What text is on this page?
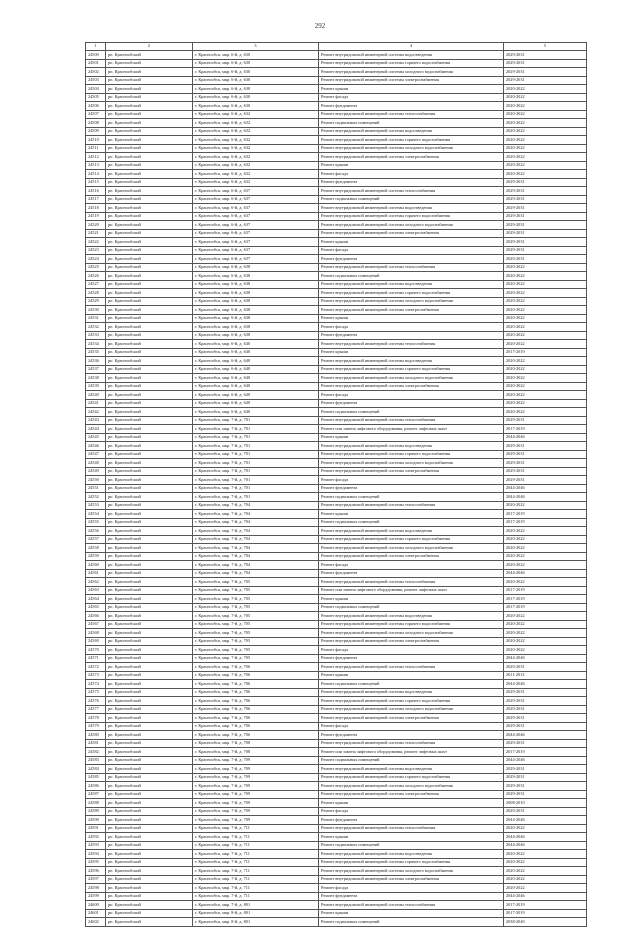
292
1	2	3	4	5
24500	рп. Краснообский	г. Краснообск, мкр. 6-й, д. 630	Ремонт внутридомовой инженерной системы водоотведения	2029-2031
24501	рп. Краснообский	г. Краснообск, мкр. 6-й, д. 630	Ремонт внутридомовой инженерной системы горячего водоснабжения	2029-2031
24502	рп. Краснообский	г. Краснообск, мкр. 6-й, д. 630	Ремонт внутридомовой инженерной системы холодного водоснабжения	2029-2031
24503	рп. Краснообский	г. Краснообск, мкр. 6-й, д. 630	Ремонт внутридомовой инженерной системы электроснабжения	2029-2031
24504	рп. Краснообский	г. Краснообск, мкр. 6-й, д. 630	Ремонт крыши	2020-2022
24505	рп. Краснообский	г. Краснообск, мкр. 6-й, д. 630	Ремонт фасада	2020-2022
24506	рп. Краснообский	г. Краснообск, мкр. 6-й, д. 630	Ремонт фундамента	2020-2022
24507	рп. Краснообский	г. Краснообск, мкр. 6-й, д. 632	Ремонт внутридомовой инженерной системы теплоснабжения	2020-2022
24508	рп. Краснообский	г. Краснообск, мкр. 6-й, д. 632	Ремонт подвальных помещений	2020-2022
24509	рп. Краснообский	г. Краснообск, мкр. 6-й, д. 632	Ремонт внутридомовой инженерной системы водоотведения	2020-2022
24510	рп. Краснообский	г. Краснообск, мкр. 6-й, д. 632	Ремонт внутридомовой инженерной системы горячего водоснабжения	2020-2022
24511	рп. Краснообский	г. Краснообск, мкр. 6-й, д. 632	Ремонт внутридомовой инженерной системы холодного водоснабжения	2020-2022
24512	рп. Краснообский	г. Краснообск, мкр. 6-й, д. 632	Ремонт внутридомовой инженерной системы электроснабжения	2020-2022
24513	рп. Краснообский	г. Краснообск, мкр. 6-й, д. 632	Ремонт крыши	2020-2022
24514	рп. Краснообский	г. Краснообск, мкр. 6-й, д. 632	Ремонт фасада	2020-2022
24515	рп. Краснообский	г. Краснообск, мкр. 6-й, д. 632	Ремонт фундамента	2029-2031
24516	рп. Краснообский	г. Краснообск, мкр. 6-й, д. 637	Ремонт внутридомовой инженерной системы теплоснабжения	2029-2031
24517	рп. Краснообский	г. Краснообск, мкр. 6-й, д. 637	Ремонт подвальных помещений	2029-2031
24518	рп. Краснообский	г. Краснообск, мкр. 6-й, д. 637	Ремонт внутридомовой инженерной системы водоотведения	2029-2031
24519	рп. Краснообский	г. Краснообск, мкр. 6-й, д. 637	Ремонт внутридомовой инженерной системы горячего водоснабжения	2029-2031
24520	рп. Краснообский	г. Краснообск, мкр. 6-й, д. 637	Ремонт внутридомовой инженерной системы холодного водоснабжения	2029-2031
24521	рп. Краснообский	г. Краснообск, мкр. 6-й, д. 637	Ремонт внутридомовой инженерной системы электроснабжения	2029-2031
24522	рп. Краснообский	г. Краснообск, мкр. 6-й, д. 637	Ремонт крыши	2029-2031
24523	рп. Краснообский	г. Краснообск, мкр. 6-й, д. 637	Ремонт фасада	2029-2031
24524	рп. Краснообский	г. Краснообск, мкр. 6-й, д. 637	Ремонт фундамента	2029-2031
24525	рп. Краснообский	г. Краснообск, мкр. 6-й, д. 638	Ремонт внутридомовой инженерной системы теплоснабжения	2020-2022
24526	рп. Краснообский	г. Краснообск, мкр. 6-й, д. 638	Ремонт подвальных помещений	2020-2022
24527	рп. Краснообский	г. Краснообск, мкр. 6-й, д. 638	Ремонт внутридомовой инженерной системы водоотведения	2020-2022
24528	рп. Краснообский	г. Краснообск, мкр. 6-й, д. 638	Ремонт внутридомовой инженерной системы горячего водоснабжения	2020-2022
24529	рп. Краснообский	г. Краснообск, мкр. 6-й, д. 638	Ремонт внутридомовой инженерной системы холодного водоснабжения	2020-2022
24530	рп. Краснообский	г. Краснообск, мкр. 6-й, д. 638	Ремонт внутридомовой инженерной системы электроснабжения	2020-2022
24531	рп. Краснообский	г. Краснообск, мкр. 6-й, д. 638	Ремонт крыши	2020-2022
24532	рп. Краснообский	г. Краснообск, мкр. 6-й, д. 638	Ремонт фасада	2020-2022
24533	рп. Краснообский	г. Краснообск, мкр. 6-й, д. 638	Ремонт фундамента	2020-2022
24534	рп. Краснообский	г. Краснообск, мкр. 6-й, д. 640	Ремонт внутридомовой инженерной системы теплоснабжения	2020-2022
24535	рп. Краснообский	г. Краснообск, мкр. 6-й, д. 640	Ремонт крыши	2017-2019
24536	рп. Краснообский	г. Краснообск, мкр. 6-й, д. 640	Ремонт внутридомовой инженерной системы водоотведения	2020-2022
24537	рп. Краснообский	г. Краснообск, мкр. 6-й, д. 640	Ремонт внутридомовой инженерной системы горячего водоснабжения	2020-2022
24538	рп. Краснообский	г. Краснообск, мкр. 6-й, д. 640	Ремонт внутридомовой инженерной системы холодного водоснабжения	2020-2022
24539	рп. Краснообский	г. Краснообск, мкр. 6-й, д. 640	Ремонт внутридомовой инженерной системы электроснабжения	2020-2022
24540	рп. Краснообский	г. Краснообск, мкр. 6-й, д. 640	Ремонт фасада	2020-2022
24541	рп. Краснообский	г. Краснообск, мкр. 6-й, д. 640	Ремонт фундамента	2020-2022
24542	рп. Краснообский	г. Краснообск, мкр. 6-й, д. 640	Ремонт подвальных помещений	2020-2022
24543	рп. Краснообский	г. Краснообск, мкр. 7-й, д. 701	Ремонт внутридомовой инженерной системы теплоснабжения	2029-2031
24544	рп. Краснообский	г. Краснообск, мкр. 7-й, д. 701	Ремонт или замена лифтового оборудования, ремонт лифтовых шахт	2017-2019
24545	рп. Краснообский	г. Краснообск, мкр. 7-й, д. 701	Ремонт крыши	2044-2046
24546	рп. Краснообский	г. Краснообск, мкр. 7-й, д. 701	Ремонт внутридомовой инженерной системы водоотведения	2029-2031
24547	рп. Краснообский	г. Краснообск, мкр. 7-й, д. 701	Ремонт внутридомовой инженерной системы горячего водоснабжения	2029-2031
24548	рп. Краснообский	г. Краснообск, мкр. 7-й, д. 701	Ремонт внутридомовой инженерной системы холодного водоснабжения	2029-2031
24549	рп. Краснообский	г. Краснообск, мкр. 7-й, д. 701	Ремонт внутридомовой инженерной системы электроснабжения	2029-2031
24550	рп. Краснообский	г. Краснообск, мкр. 7-й, д. 701	Ремонт фасада	2029-2031
24551	рп. Краснообский	г. Краснообск, мкр. 7-й, д. 701	Ремонт фундамента	2044-2046
24552	рп. Краснообский	г. Краснообск, мкр. 7-й, д. 701	Ремонт подвальных помещений	2044-2046
24553	рп. Краснообский	г. Краснообск, мкр. 7-й, д. 704	Ремонт внутридомовой инженерной системы теплоснабжения	2020-2022
24554	рп. Краснообский	г. Краснообск, мкр. 7-й, д. 704	Ремонт крыши	2017-2019
24555	рп. Краснообский	г. Краснообск, мкр. 7-й, д. 704	Ремонт подвальных помещений	2017-2019
24556	рп. Краснообский	г. Краснообск, мкр. 7-й, д. 704	Ремонт внутридомовой инженерной системы водоотведения	2020-2022
24557	рп. Краснообский	г. Краснообск, мкр. 7-й, д. 704	Ремонт внутридомовой инженерной системы горячего водоснабжения	2020-2022
24558	рп. Краснообский	г. Краснообск, мкр. 7-й, д. 704	Ремонт внутридомовой инженерной системы холодного водоснабжения	2020-2022
24559	рп. Краснообский	г. Краснообск, мкр. 7-й, д. 704	Ремонт внутридомовой инженерной системы электроснабжения	2020-2022
24560	рп. Краснообский	г. Краснообск, мкр. 7-й, д. 704	Ремонт фасада	2020-2022
24561	рп. Краснообский	г. Краснообск, мкр. 7-й, д. 704	Ремонт фундамента	2044-2046
24562	рп. Краснообский	г. Краснообск, мкр. 7-й, д. 705	Ремонт внутридомовой инженерной системы теплоснабжения	2020-2022
24563	рп. Краснообский	г. Краснообск, мкр. 7-й, д. 705	Ремонт или замена лифтового оборудования, ремонт лифтовых шахт	2017-2019
24564	рп. Краснообский	г. Краснообск, мкр. 7-й, д. 705	Ремонт крыши	2017-2019
24565	рп. Краснообский	г. Краснообск, мкр. 7-й, д. 705	Ремонт подвальных помещений	2017-2019
24566	рп. Краснообский	г. Краснообск, мкр. 7-й, д. 705	Ремонт внутридомовой инженерной системы водоотведения	2020-2022
24567	рп. Краснообский	г. Краснообск, мкр. 7-й, д. 705	Ремонт внутридомовой инженерной системы горячего водоснабжения	2020-2022
24568	рп. Краснообский	г. Краснообск, мкр. 7-й, д. 705	Ремонт внутридомовой инженерной системы холодного водоснабжения	2020-2022
24569	рп. Краснообский	г. Краснообск, мкр. 7-й, д. 705	Ремонт внутридомовой инженерной системы электроснабжения	2020-2022
24570	рп. Краснообский	г. Краснообск, мкр. 7-й, д. 705	Ремонт фасада	2020-2022
24571	рп. Краснообский	г. Краснообск, мкр. 7-й, д. 705	Ремонт фундамента	2044-2046
24572	рп. Краснообский	г. Краснообск, мкр. 7-й, д. 706	Ремонт внутридомовой инженерной системы теплоснабжения	2029-2031
24573	рп. Краснообский	г. Краснообск, мкр. 7-й, д. 706	Ремонт крыши	2011-2013
24574	рп. Краснообский	г. Краснообск, мкр. 7-й, д. 706	Ремонт подвальных помещений	2044-2046
24575	рп. Краснообский	г. Краснообск, мкр. 7-й, д. 706	Ремонт внутридомовой инженерной системы водоотведения	2029-2031
24576	рп. Краснообский	г. Краснообск, мкр. 7-й, д. 706	Ремонт внутридомовой инженерной системы горячего водоснабжения	2029-2031
24577	рп. Краснообский	г. Краснообск, мкр. 7-й, д. 706	Ремонт внутридомовой инженерной системы холодного водоснабжения	2029-2031
24578	рп. Краснообский	г. Краснообск, мкр. 7-й, д. 706	Ремонт внутридомовой инженерной системы электроснабжения	2029-2031
24579	рп. Краснообский	г. Краснообск, мкр. 7-й, д. 706	Ремонт фасада	2029-2031
24580	рп. Краснообский	г. Краснообск, мкр. 7-й, д. 706	Ремонт фундамента	2044-2046
24581	рп. Краснообский	г. Краснообск, мкр. 7-й, д. 708	Ремонт внутридомовой инженерной системы теплоснабжения	2029-2031
24582	рп. Краснообский	г. Краснообск, мкр. 7-й, д. 708	Ремонт или замена лифтового оборудования, ремонт лифтовых шахт	2017-2019
24583	рп. Краснообский	г. Краснообск, мкр. 7-й, д. 709	Ремонт подвальных помещений	2044-2046
24584	рп. Краснообский	г. Краснообск, мкр. 7-й, д. 709	Ремонт внутридомовой инженерной системы водоотведения	2029-2031
24585	рп. Краснообский	г. Краснообск, мкр. 7-й, д. 709	Ремонт внутридомовой инженерной системы горячего водоснабжения	2029-2031
24586	рп. Краснообский	г. Краснообск, мкр. 7-й, д. 709	Ремонт внутридомовой инженерной системы холодного водоснабжения	2029-2031
24587	рп. Краснообский	г. Краснообск, мкр. 7-й, д. 709	Ремонт внутридомовой инженерной системы электроснабжения	2029-2031
24588	рп. Краснообский	г. Краснообск, мкр. 7-й, д. 709	Ремонт крыши	2008-2010
24589	рп. Краснообский	г. Краснообск, мкр. 7-й, д. 709	Ремонт фасада	2029-2031
24590	рп. Краснообский	г. Краснообск, мкр. 7-й, д. 709	Ремонт фундамента	2044-2046
24591	рп. Краснообский	г. Краснообск, мкр. 7-й, д. 711	Ремонт внутридомовой инженерной системы теплоснабжения	2020-2022
24592	рп. Краснообский	г. Краснообск, мкр. 7-й, д. 711	Ремонт крыши	2044-2046
24593	рп. Краснообский	г. Краснообск, мкр. 7-й, д. 711	Ремонт подвальных помещений	2044-2046
24594	рп. Краснообский	г. Краснообск, мкр. 7-й, д. 711	Ремонт внутридомовой инженерной системы водоотведения	2020-2022
24595	рп. Краснообский	г. Краснообск, мкр. 7-й, д. 711	Ремонт внутридомовой инженерной системы горячего водоснабжения	2020-2022
24596	рп. Краснообский	г. Краснообск, мкр. 7-й, д. 711	Ремонт внутридомовой инженерной системы холодного водоснабжения	2020-2022
24597	рп. Краснообский	г. Краснообск, мкр. 7-й, д. 711	Ремонт внутридомовой инженерной системы электроснабжения	2020-2022
24598	рп. Краснообский	г. Краснообск, мкр. 7-й, д. 711	Ремонт фасада	2020-2022
24599	рп. Краснообский	г. Краснообск, мкр. 7-й, д. 711	Ремонт фундамента	2044-2046
24600	рп. Краснообский	г. Краснообск, мкр. 7-й, д. 801	Ремонт внутридомовой инженерной системы теплоснабжения	2017-2019
24601	рп. Краснообский	г. Краснообск, мкр. 8-й, д. 801	Ремонт крыши	2017-2019
24602	рп. Краснообский	г. Краснообск, мкр. 8-й, д. 801	Ремонт подвальных помещений	2038-2040
